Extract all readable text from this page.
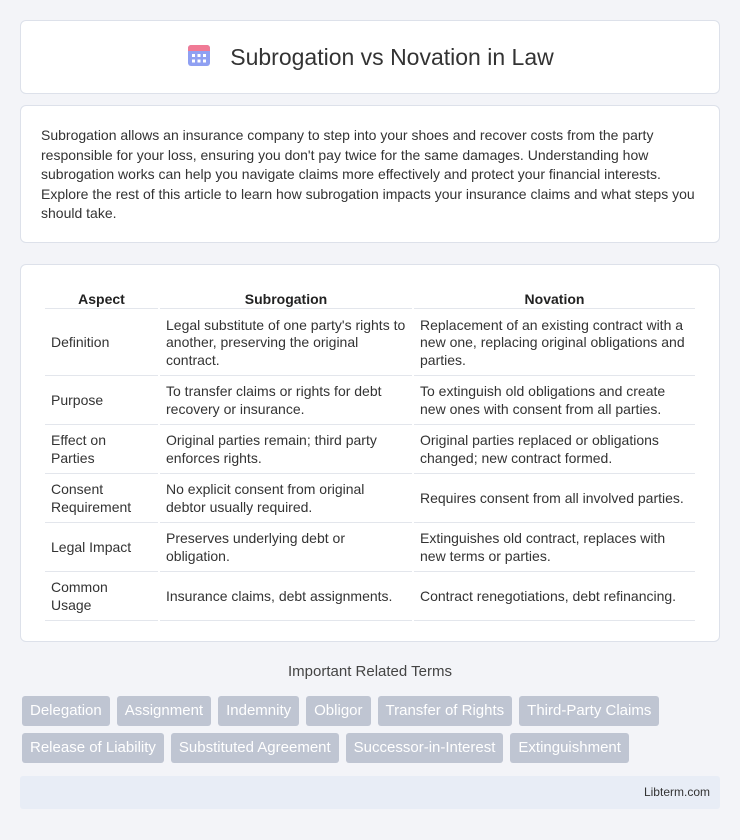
Subrogation vs Novation in Law

Subrogation allows an insurance company to step into your shoes and recover costs from the party responsible for your loss, ensuring you don't pay twice for the same damages. Understanding how subrogation works can help you navigate claims more effectively and protect your financial interests. Explore the rest of this article to learn how subrogation impacts your insurance claims and what steps you should take.

Aspect	Subrogation	Novation
Definition	Legal substitute of one party's rights to another, preserving the original contract.	Replacement of an existing contract with a new one, replacing original obligations and parties.
Purpose	To transfer claims or rights for debt recovery or insurance.	To extinguish old obligations and create new ones with consent from all parties.
Effect on Parties	Original parties remain; third party enforces rights.	Original parties replaced or obligations changed; new contract formed.
Consent Requirement	No explicit consent from original debtor usually required.	Requires consent from all involved parties.
Legal Impact	Preserves underlying debt or obligation.	Extinguishes old contract, replaces with new terms or parties.
Common Usage	Insurance claims, debt assignments.	Contract renegotiations, debt refinancing.
Important Related Terms
Delegation	Assignment	Indemnity	Obligor	Transfer of Rights	Third-Party Claims
Release of Liability	Substituted Agreement	Successor-in-Interest	Extinguishment
Libterm.com
